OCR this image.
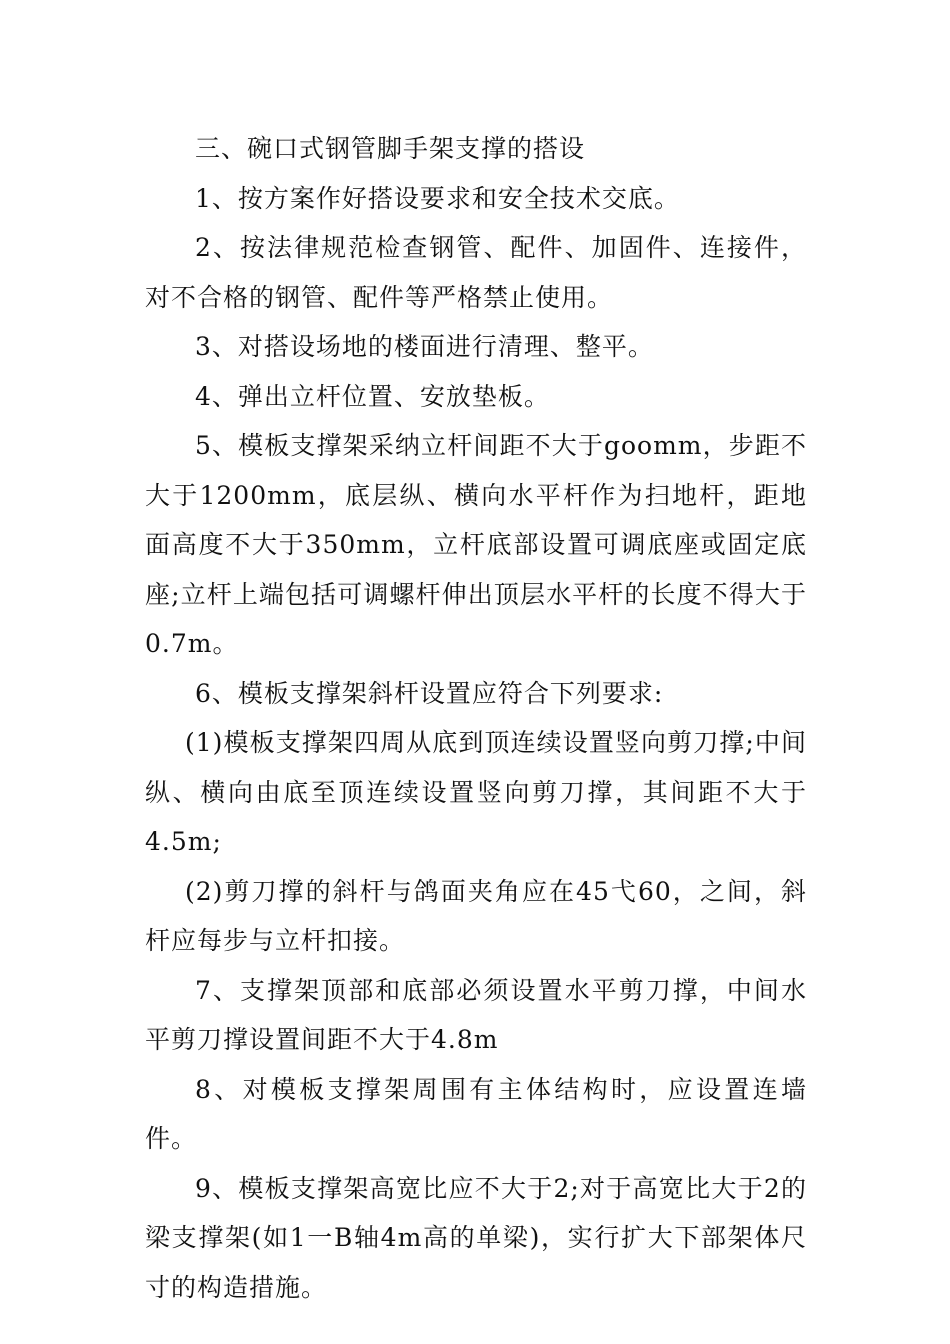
三、碗口式钢管脚手架支撑的搭设

1、按方案作好搭设要求和安全技术交底。

2、按法律规范检查钢管、配件、加固件、连接件，对不合格的钢管、配件等严格禁止使用。

3、对搭设场地的楼面进行清理、整平。

4、弹出立杆位置、安放垫板。

5、模板支撑架采纳立杆间距不大于goomm，步距不大于1200mm，底层纵、横向水平杆作为扫地杆，距地面高度不大于350mm，立杆底部设置可调底座或固定底座;立杆上端包括可调螺杆伸出顶层水平杆的长度不得大于0.7m。

6、模板支撑架斜杆设置应符合下列要求:

(1)模板支撑架四周从底到顶连续设置竖向剪刀撑;中间纵、横向由底至顶连续设置竖向剪刀撑，其间距不大于4.5m;

(2)剪刀撑的斜杆与鸽面夹角应在45弋60，之间，斜杆应每步与立杆扣接。

7、支撑架顶部和底部必须设置水平剪刀撑，中间水平剪刀撑设置间距不大于4.8m

8、对模板支撑架周围有主体结构时，应设置连墙件。

9、模板支撑架高宽比应不大于2;对于高宽比大于2的梁支撑架(如1一B轴4m高的单梁)，实行扩大下部架体尺寸的构造措施。
